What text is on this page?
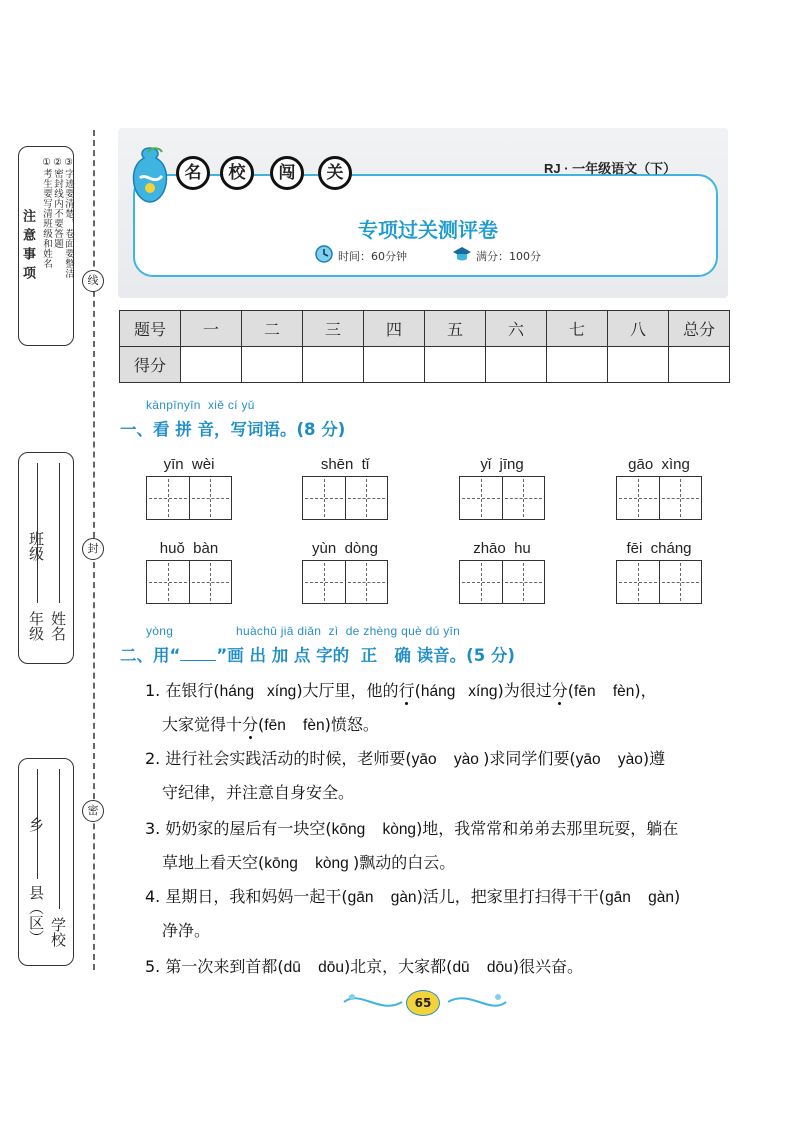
注意事项 ①考生要写清班级和姓名 ②密封线内不要答题 ③字迹要清楚，卷面要整洁
年级
班级
姓名
县（区）
乡
学校
线
封
密
名	校	闯	关	RJ · 一年级语文（下）
专项过关测评卷
时间：60分钟	满分：100分
题号	一	二	三	四	五	六	七	八	总分
得分									
kànpīnyīn  xiě cí yǔ
一、看 拼 音，写词语。(8 分)
yīn  wèi	shēn  tǐ	yǐ  jīng	gāo  xìng
huǒ  bàn	yùn  dòng	zhāo  hu	fēi  cháng
yòng	huàchū jiā diǎn  zì  de zhèng què dú yīn
二、用“ ”画 出 加 点 字的  正   确 读音。(5 分)
1. 在银行(háng   xíng)大厅里，他的行(háng   xíng)为很过分(fēn    fèn)，
大家觉得十分(fēn    fèn)愤怒。
2. 进行社会实践活动的时候，老师要(yāo    yào )求同学们要(yāo    yào)遵
守纪律，并注意自身安全。
3. 奶奶家的屋后有一块空(kōng    kòng)地，我常常和弟弟去那里玩耍，躺在
草地上看天空(kōng    kòng )飘动的白云。
4. 星期日，我和妈妈一起干(gān    gàn)活儿，把家里打扫得干干(gān    gàn)
净净。
5. 第一次来到首都(dū    dōu)北京，大家都(dū    dōu)很兴奋。
65
